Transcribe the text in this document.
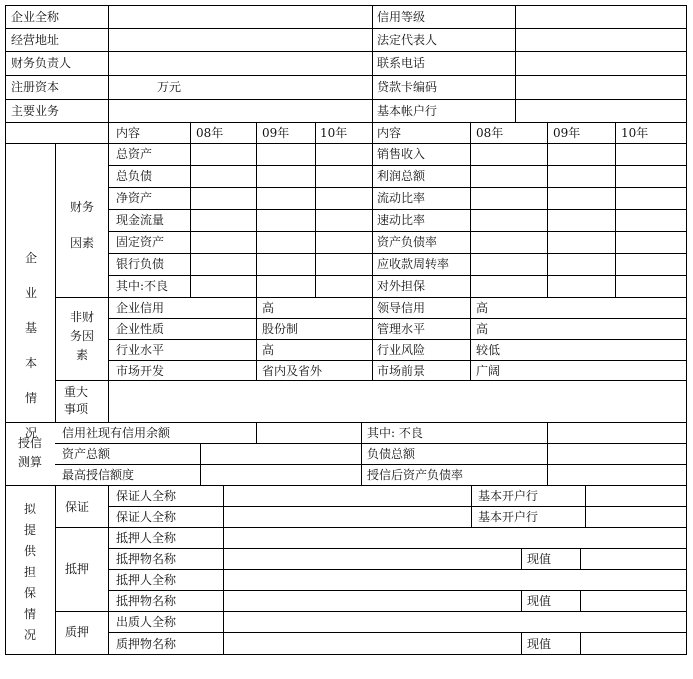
企业全称	信用等级
经营地址	法定代表人
财务负责人	联系电话
注册资本	万元	贷款卡编码
主要业务	基本帐户行
内容	08年	09年	10年 内容	08年	09年	10年
企业基本情况
财务因素
总资产	销售收入
总负债	利润总额
净资产	流动比率
现金流量	速动比率
固定资产	资产负债率
银行负债	应收款周转率
其中:不良	对外担保
非财务因素
企业信用	高	领导信用	高
企业性质	股份制	管理水平	高
行业水平	高	行业风险	较低
市场开发	省内及省外	市场前景	广阔
重大事项
授信测算
信用社现有信用余额	其中: 不良
资产总额	负债总额
最高授信额度	授信后资产负债率
拟提供担保情况
保证
抵押
质押
保证人全称	基本开户行
保证人全称	基本开户行
抵押人全称
抵押物名称	现值
抵押人全称
抵押物名称	现值
出质人全称
质押物名称	现值
